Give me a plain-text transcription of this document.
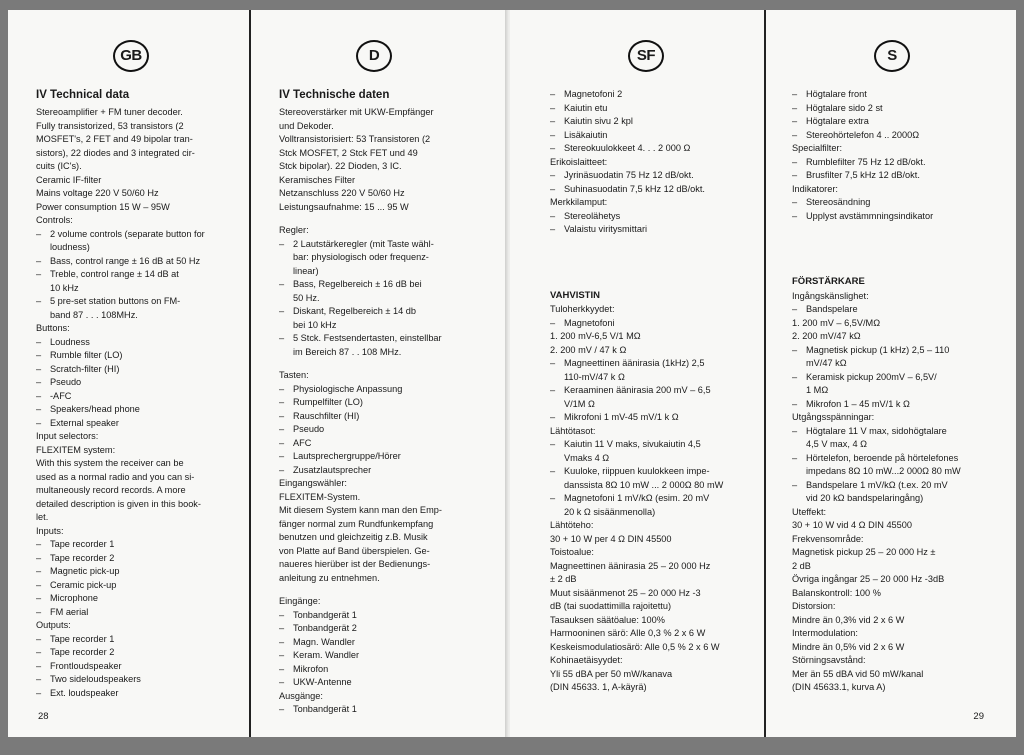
GB
IV Technical data
Stereoamplifier + FM tuner decoder.
Fully transistorized, 53 transistors (2
MOSFET's, 2 FET and 49 bipolar tran-
sistors), 22 diodes and 3 integrated cir-
cuits (IC's).
Ceramic IF-filter
Mains voltage 220 V 50/60 Hz
Power consumption 15 W – 95W
Controls:
– 2 volume controls (separate button for
loudness)
– Bass, control range ± 16 dB at 50 Hz
– Treble, control range ± 14 dB at
10 kHz
– 5 pre-set station buttons on FM-
band 87 . . . 108MHz.
Buttons:
– Loudness
– Rumble filter (LO)
– Scratch-filter (HI)
– Pseudo
– -AFC
– Speakers/head phone
– External speaker
Input selectors:
FLEXITEM system:
With this system the receiver can be
used as a normal radio and you can si-
multaneously record records. A more
detailed description is given in this book-
let.
Inputs:
– Tape recorder 1
– Tape recorder 2
– Magnetic pick-up
– Ceramic pick-up
– Microphone
– FM aerial
Outputs:
– Tape recorder 1
– Tape recorder 2
– Frontloudspeaker
– Two sideloudspeakers
– Ext. loudspeaker
D
IV Technische daten
Stereoverstärker mit UKW-Empfänger
und Dekoder.
Volltransistorisiert: 53 Transistoren (2
Stck MOSFET, 2 Stck FET und 49
Stck bipolar). 22 Dioden, 3 IC.
Keramisches Filter
Netzanschluss 220 V 50/60 Hz
Leistungsaufnahme: 15 ... 95 W
Regler:
– 2 Lautstärkeregler (mit Taste wähl-
bar: physiologisch oder frequenz-
linear)
– Bass, Regelbereich ± 16 dB bei
50 Hz.
– Diskant, Regelbereich ± 14 db
bei 10 kHz
– 5 Stck. Festsendertasten, einstellbar
im Bereich 87 . . 108 MHz.
Tasten:
– Physiologische Anpassung
– Rumpelfilter (LO)
– Rauschfilter (HI)
– Pseudo
– AFC
– Lautsprechergruppe/Hörer
– Zusatzlautsprecher
Eingangswähler:
FLEXITEM-System.
Mit diesem System kann man den Emp-
fänger normal zum Rundfunkempfang
benutzen und gleichzeitig z.B. Musik
von Platte auf Band überspielen. Ge-
naueres hierüber ist der Bedienungs-
anleitung zu entnehmen.
Eingänge:
– Tonbandgerät 1
– Tonbandgerät 2
– Magn. Wandler
– Keram. Wandler
– Mikrofon
– UKW-Antenne
Ausgänge:
– Tonbandgerät 1
28
SF
– Magnetofoni 2
– Kaiutin etu
– Kaiutin sivu 2 kpl
– Lisäkaiutin
– Stereokuulokkeet 4. . . 2 000 Ω
Erikoislaitteet:
– Jyrinäsuodatin 75 Hz 12 dB/okt.
– Suhinasuodatin 7,5 kHz 12 dB/okt.
Merkkilamput:
– Stereolähetys
– Valaistu viritysmittari
VAHVISTIN
Tuloherkkyydet:
– Magnetofoni
1. 200 mV-6,5 V/1 MΩ
2. 200 mV / 47 k Ω
– Magneettinen äänirasia (1kHz) 2,5
110-mV/47 k Ω
– Keraaminen äänirasia 200 mV – 6,5
V/1M Ω
– Mikrofoni 1 mV-45 mV/1 k Ω
Lähtötasot:
– Kaiutin 11 V maks, sivukaiutin 4,5
Vmaks 4 Ω
– Kuuloke, riippuen kuulokkeen impe-
danssista 8Ω 10 mW ... 2 000Ω 80 mW
– Magnetofoni 1 mV/kΩ (esim. 20 mV
20 k Ω sisäänmenolla)
Lähtöteho:
30 + 10 W per 4 Ω DIN 45500
Toistoalue:
Magneettinen äänirasia 25 – 20 000 Hz
± 2 dB
Muut sisäänmenot 25 – 20 000 Hz -3
dB (tai suodattimilla rajoitettu)
Tasauksen säätöalue: 100%
Harmooninen särö: Alle 0,3 % 2 x 6 W
Keskeismodulatiosärö: Alle 0,5 % 2 x 6 W
Kohinaetäisyydet:
Yli 55 dBA per 50 mW/kanava
(DIN 45633. 1, A-käyrä)
S
– Högtalare front
– Högtalare sido 2 st
– Högtalare extra
– Stereohörtelefon 4 .. 2000Ω
Specialfilter:
– Rumblefilter 75 Hz 12 dB/okt.
– Brusfilter 7,5 kHz 12 dB/okt.
Indikatorer:
– Stereosändning
– Upplyst avstämmningsindikator
FÖRSTÄRKARE
Ingångskänslighet:
– Bandspelare
1. 200 mV – 6,5V/MΩ
2. 200 mV/47 kΩ
– Magnetisk pickup (1 kHz) 2,5 – 110
mV/47 kΩ
– Keramisk pickup 200mV – 6,5V/
1 MΩ
– Mikrofon 1 – 45 mV/1 k Ω
Utgångsspänningar:
– Högtalare 11 V max, sidohögtalare
4,5 V max, 4 Ω
– Hörtelefon, beroende på hörtelefones
impedans 8Ω 10 mW...2 000Ω 80 mW
– Bandspelare 1 mV/kΩ (t.ex. 20 mV
vid 20 kΩ bandspelaringång)
Uteffekt:
30 + 10 W vid 4 Ω DIN 45500
Frekvensområde:
Magnetisk pickup 25 – 20 000 Hz ±
2 dB
Övriga ingångar 25 – 20 000 Hz -3dB
Balanskontroll: 100 %
Distorsion:
Mindre än 0,3% vid 2 x 6 W
Intermodulation:
Mindre än 0,5% vid 2 x 6 W
Störningsavstånd:
Mer än 55 dBA vid 50 mW/kanal
(DIN 45633.1, kurva A)
29
